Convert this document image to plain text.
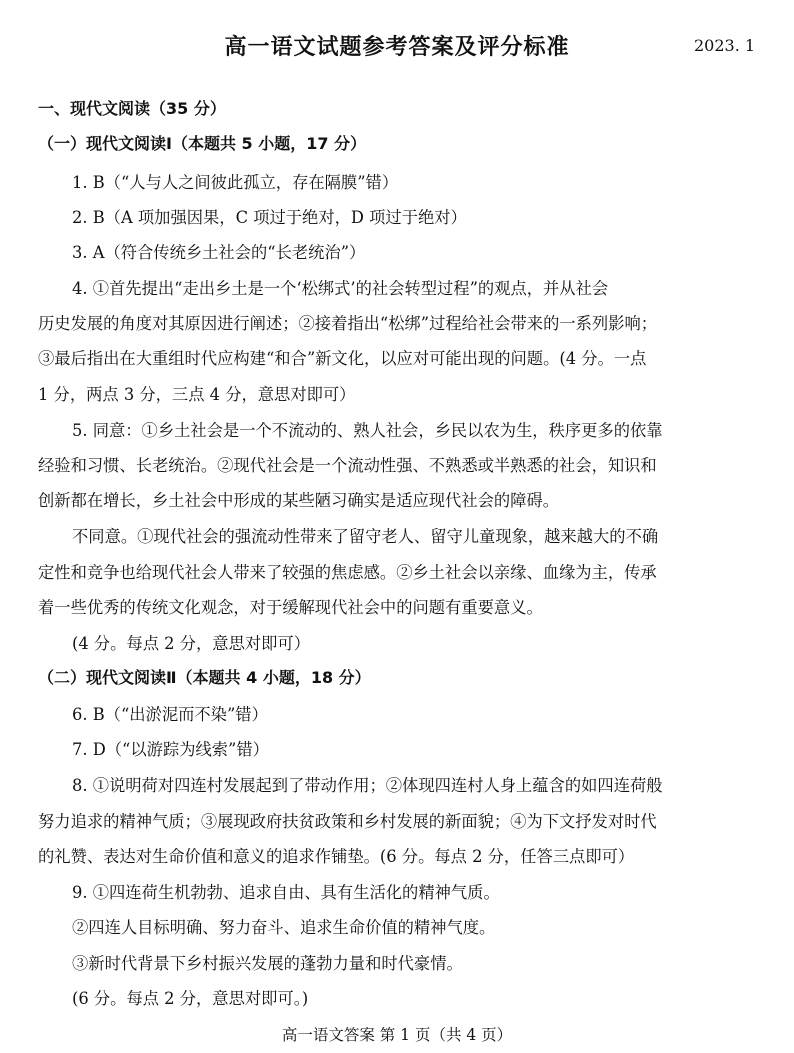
高一语文试题参考答案及评分标准	2023. 1
一、现代文阅读（35 分）
（一）现代文阅读Ⅰ（本题共 5 小题，17 分）
1. B（“人与人之间彼此孤立，存在隔膜”错）
2. B（A 项加强因果，C 项过于绝对，D 项过于绝对）
3. A（符合传统乡土社会的“长老统治”）
4. ①首先提出“走出乡土是一个‘松绑式’的社会转型过程”的观点，并从社会
历史发展的角度对其原因进行阐述；②接着指出“松绑”过程给社会带来的一系列影响；
③最后指出在大重组时代应构建“和合”新文化，以应对可能出现的问题。(4 分。一点
1 分，两点 3 分，三点 4 分，意思对即可）
5. 同意：①乡土社会是一个不流动的、熟人社会，乡民以农为生，秩序更多的依靠
经验和习惯、长老统治。②现代社会是一个流动性强、不熟悉或半熟悉的社会，知识和
创新都在增长，乡土社会中形成的某些陋习确实是适应现代社会的障碍。
不同意。①现代社会的强流动性带来了留守老人、留守儿童现象，越来越大的不确
定性和竞争也给现代社会人带来了较强的焦虑感。②乡土社会以亲缘、血缘为主，传承
着一些优秀的传统文化观念，对于缓解现代社会中的问题有重要意义。
(4 分。每点 2 分，意思对即可）
（二）现代文阅读Ⅱ（本题共 4 小题，18 分）
6. B（“出淤泥而不染”错）
7. D（“以游踪为线索”错）
8. ①说明荷对四连村发展起到了带动作用；②体现四连村人身上蕴含的如四连荷般
努力追求的精神气质；③展现政府扶贫政策和乡村发展的新面貌；④为下文抒发对时代
的礼赞、表达对生命价值和意义的追求作铺垫。(6 分。每点 2 分，任答三点即可）
9. ①四连荷生机勃勃、追求自由、具有生活化的精神气质。
②四连人目标明确、努力奋斗、追求生命价值的精神气度。
③新时代背景下乡村振兴发展的蓬勃力量和时代豪情。
(6 分。每点 2 分，意思对即可。)
高一语文答案 第 1 页（共 4 页）
